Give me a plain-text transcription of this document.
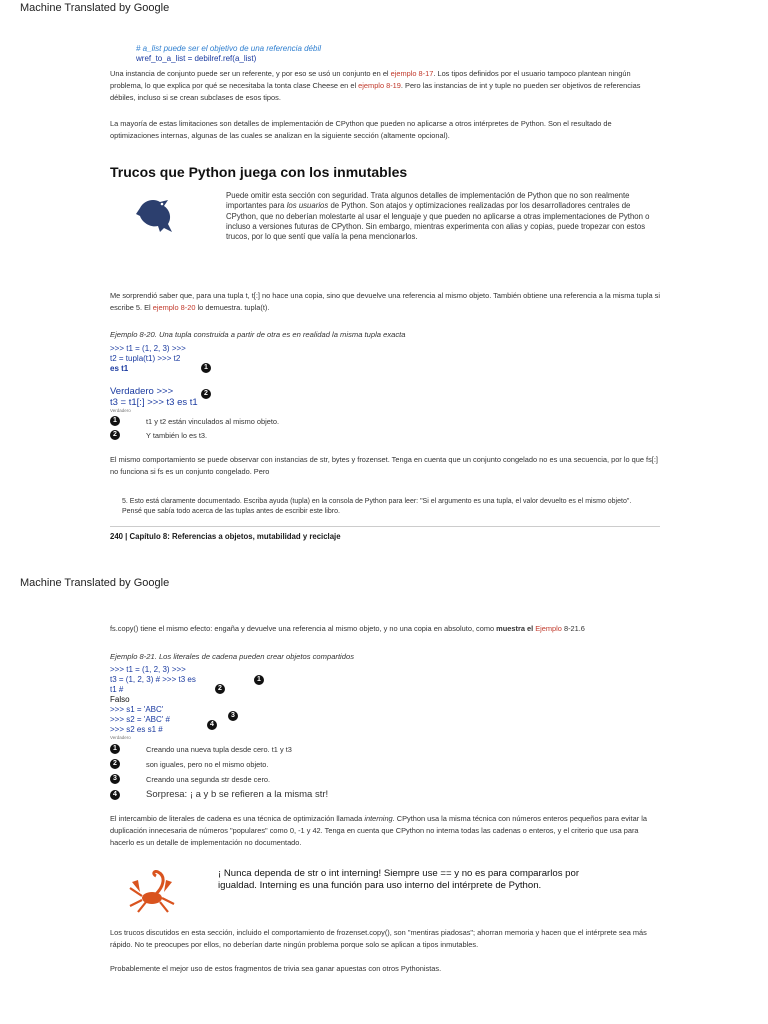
Machine Translated by Google
# a_list puede ser el objetivo de una referencia débil
wref_to_a_list = debilref.ref(a_list)

Una instancia de conjunto puede ser un referente, y por eso se usó un conjunto en el ejemplo 8-17. Los tipos definidos por el usuario tampoco plantean ningún problema, lo que explica por qué se necesitaba la tonta clase Cheese en el ejemplo 8-19. Pero las instancias de int y tuple no pueden ser objetivos de referencias débiles, incluso si se crean subclases de esos tipos.

La mayoría de estas limitaciones son detalles de implementación de CPython que pueden no aplicarse a otros intérpretes de Python. Son el resultado de optimizaciones internas, algunas de las cuales se analizan en la siguiente sección (altamente opcional).

Trucos que Python juega con los inmutables

Puede omitir esta sección con seguridad. Trata algunos detalles de implementación de Python que no son realmente importantes para los usuarios de Python. Son atajos y optimizaciones realizadas por los desarrolladores centrales de CPython, que no deberían molestarte al usar el lenguaje y que pueden no aplicarse a otras implementaciones de Python o incluso a versiones futuras de CPython. Sin embargo, mientras experimenta con alias y copias, puede tropezar con estos trucos, por lo que sentí que valía la pena mencionarlos.

Me sorprendió saber que, para una tupla t, t[:] no hace una copia, sino que devuelve una referencia al mismo objeto. También obtiene una referencia a la misma tupla si escribe 5. El ejemplo 8-20 lo demuestra. tupla(t).

Ejemplo 8-20. Una tupla construida a partir de otra es en realidad la misma tupla exacta
>>> t1 = (1, 2, 3) >>>
t2 = tupla(t1) >>> t2
es t1
Verdadero >>>
t3 = t1[:] >>> t3 es t1
Verdadero
1
2
1	t1 y t2 están vinculados al mismo objeto.
2	Y también lo es t3.

El mismo comportamiento se puede observar con instancias de str, bytes y frozenset. Tenga en cuenta que un conjunto congelado no es una secuencia, por lo que fs[:] no funciona si fs es un conjunto congelado. Pero

5. Esto está claramente documentado. Escriba ayuda (tupla) en la consola de Python para leer: "Si el argumento es una tupla, el valor devuelto es el mismo objeto". Pensé que sabía todo acerca de las tuplas antes de escribir este libro.

240 | Capítulo 8: Referencias a objetos, mutabilidad y reciclaje
Machine Translated by Google

fs.copy() tiene el mismo efecto: engaña y devuelve una referencia al mismo objeto, y no una copia en absoluto, como muestra el Ejemplo 8-21.6

Ejemplo 8-21. Los literales de cadena pueden crear objetos compartidos
>>> t1 = (1, 2, 3) >>>
t3 = (1, 2, 3) # >>> t3 es
t1 #
Falso
>>> s1 = 'ABC'
>>> s2 = 'ABC' #
>>> s2 es s1 #
Verdadero
1
2
3
4
1	Creando una nueva tupla desde cero. t1 y t3
2	son iguales, pero no el mismo objeto.
3	Creando una segunda str desde cero.
4	Sorpresa: ¡ a y b se refieren a la misma str!

El intercambio de literales de cadena es una técnica de optimización llamada interning. CPython usa la misma técnica con números enteros pequeños para evitar la duplicación innecesaria de números "populares" como 0, -1 y 42. Tenga en cuenta que CPython no interna todas las cadenas o enteros, y el criterio que usa para hacerlo es un detalle de implementación no documentado.

¡ Nunca dependa de str o int interning! Siempre use == y no es para compararlos por igualdad. Interning es una función para uso interno del intérprete de Python.

Los trucos discutidos en esta sección, incluido el comportamiento de frozenset.copy(), son "mentiras piadosas"; ahorran memoria y hacen que el intérprete sea más rápido. No te preocupes por ellos, no deberían darte ningún problema porque solo se aplican a tipos inmutables.

Probablemente el mejor uso de estos fragmentos de trivia sea ganar apuestas con otros Pythonistas.
